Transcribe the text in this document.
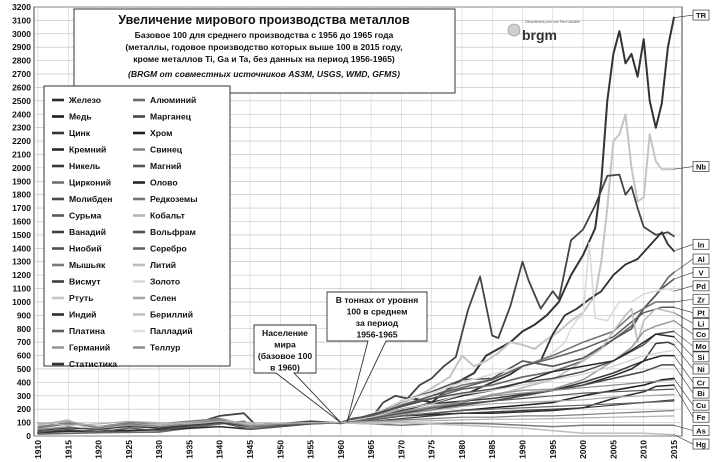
0
100
200
300
400
500
600
700
800
900
1000
1100
1200
1300
1400
1500
1600
1700
1800
1900
2000
2100
2200
2300
2400
2500
2600
2700
2800
2900
3000
3100
3200
1910 1915 1920 1925 1930 1935 1940 1945 1950 1955 1960 1965 1970 1975 1980 1985 1990 1995 2000 2005 2010 2015
TR
Nb
In
Al
V
Pd
Zr
Pt
Li
Co
Mo
Si
Ni
Cr
Bi
Cu
Fe
As
Hg
Увеличение мирового производства металлов
Базовое 100 для среднего производства с 1956 до 1965 года
(металлы, годовое производство которых выше 100 в 2015 году,
кроме металлов Ti, Ga и Ta, без данных на период 1956-1965)
(BRGM от совместных источников AS3M, USGS, WMD, GFMS)
Géosciences pour une Terre durable
brgm
Железо
Медь
Цинк
Кремний
Никель
Цирконий
Молибден
Сурьма
Ванадий
Ниобий
Мышьяк
Висмут
Ртуть
Индий
Платина
Германий
Статистика
Алюминий
Марганец
Хром
Свинец
Магний
Олово
Редкоземы
Кобальт
Вольфрам
Серебро
Литий
Золото
Селен
Бериллий
Палладий
Теллур
Население
мира
(базовое 100
в 1960)
В тоннах от уровня
100 в среднем
за период
1956-1965
